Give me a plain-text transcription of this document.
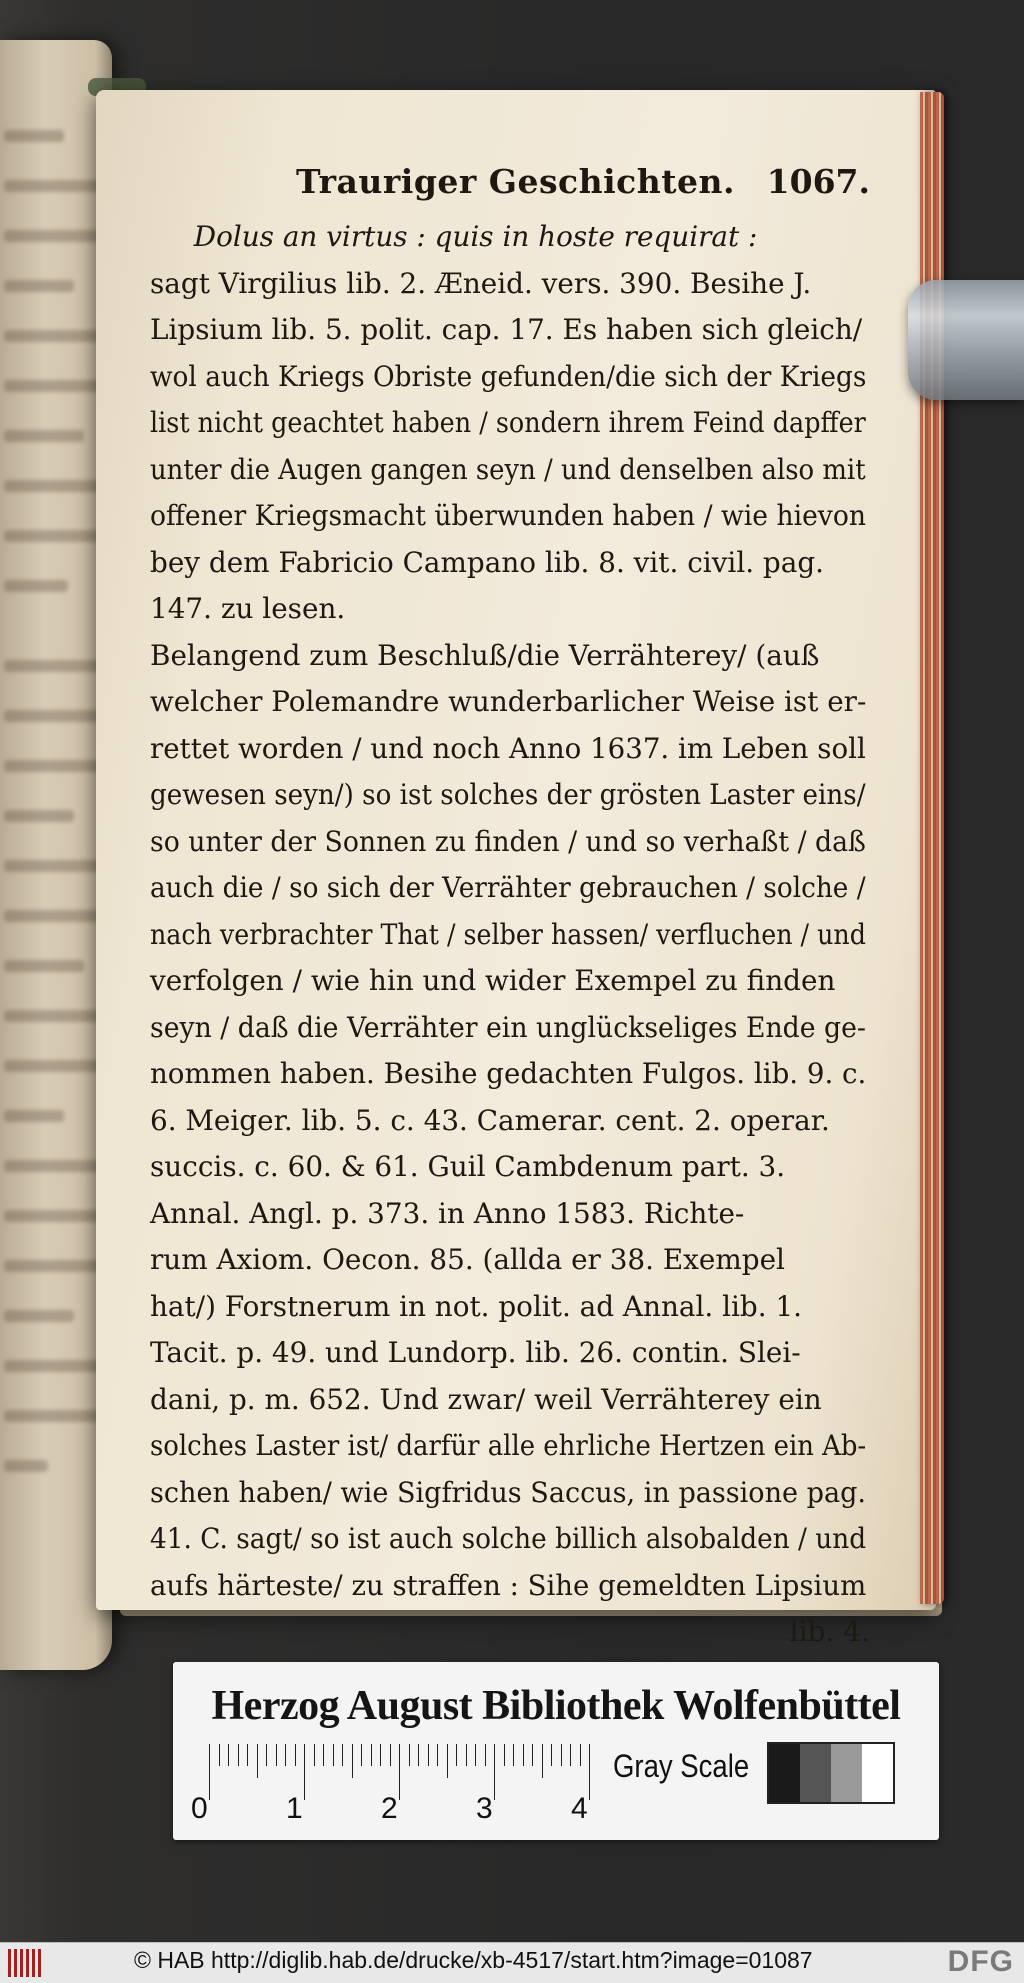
Trauriger Geschichten. 1067.
Dolus an virtus : quis in hoste requirat :
sagt Virgilius lib. 2. Æneid. vers. 390. Besihe J.
Lipsium lib. 5. polit. cap. 17. Es haben sich gleich/
wol auch Kriegs Obriste gefunden/die sich der Kriegs
list nicht geachtet haben / sondern ihrem Feind dapffer
unter die Augen gangen seyn / und denselben also mit
offener Kriegsmacht überwunden haben / wie hievon
bey dem Fabricio Campano lib. 8. vit. civil. pag.
147. zu lesen.
Belangend zum Beschluß/die Verrähterey/ (auß
welcher Polemandre wunderbarlicher Weise ist er-
rettet worden / und noch Anno 1637. im Leben soll
gewesen seyn/) so ist solches der grösten Laster eins/
so unter der Sonnen zu finden / und so verhaßt / daß
auch die / so sich der Verrähter gebrauchen / solche /
nach verbrachter That / selber hassen/ verfluchen / und
verfolgen / wie hin und wider Exempel zu finden
seyn / daß die Verrähter ein unglückseliges Ende ge-
nommen haben. Besihe gedachten Fulgos. lib. 9. c.
6. Meiger. lib. 5. c. 43. Camerar. cent. 2. operar.
succis. c. 60. & 61. Guil Cambdenum part. 3.
Annal. Angl. p. 373. in Anno 1583. Richte-
rum Axiom. Oecon. 85. (allda er 38. Exempel
hat/) Forstnerum in not. polit. ad Annal. lib. 1.
Tacit. p. 49. und Lundorp. lib. 26. contin. Slei-
dani, p. m. 652. Und zwar/ weil Verrähterey ein
solches Laster ist/ darfür alle ehrliche Hertzen ein Ab-
schen haben/ wie Sigfridus Saccus, in passione pag.
41. C. sagt/ so ist auch solche billich alsobalden / und
aufs härteste/ zu straffen : Sihe gemeldten Lipsium
lib. 4.
Herzog August Bibliothek Wolfenbüttel
0	1	2	3	4
Gray Scale
© HAB http://diglib.hab.de/drucke/xb-4517/start.htm?image=01087	DFG
